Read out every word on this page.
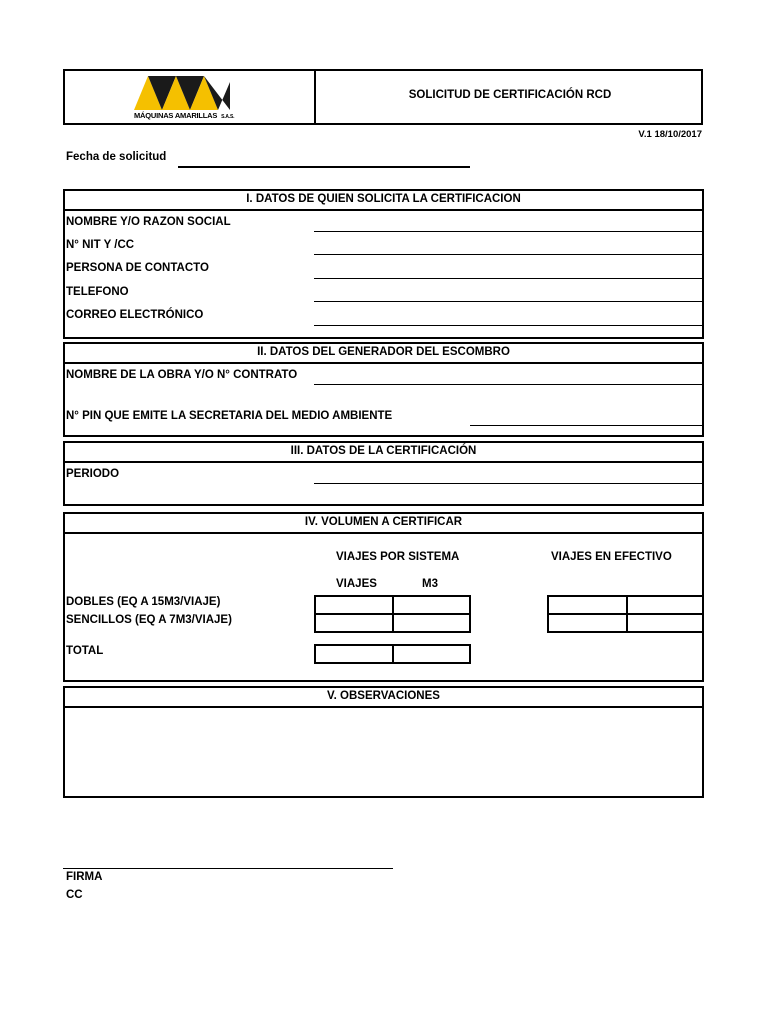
MÁQUINAS AMARILLAS S.A.S.
SOLICITUD DE CERTIFICACIÓN RCD
V.1 18/10/2017
Fecha de solicitud
I. DATOS DE QUIEN SOLICITA LA CERTIFICACION
NOMBRE Y/O RAZON SOCIAL
N° NIT Y /CC
PERSONA DE CONTACTO
TELEFONO
CORREO ELECTRÓNICO
II. DATOS DEL GENERADOR DEL ESCOMBRO
NOMBRE DE LA OBRA Y/O N° CONTRATO
N° PIN QUE EMITE LA SECRETARIA DEL MEDIO AMBIENTE
III. DATOS DE LA CERTIFICACIÓN
PERIODO
IV. VOLUMEN A CERTIFICAR
VIAJES POR SISTEMA	VIAJES EN EFECTIVO
VIAJES	M3
DOBLES (EQ A 15M3/VIAJE)
SENCILLOS (EQ A 7M3/VIAJE)
TOTAL
V. OBSERVACIONES
FIRMA
CC
